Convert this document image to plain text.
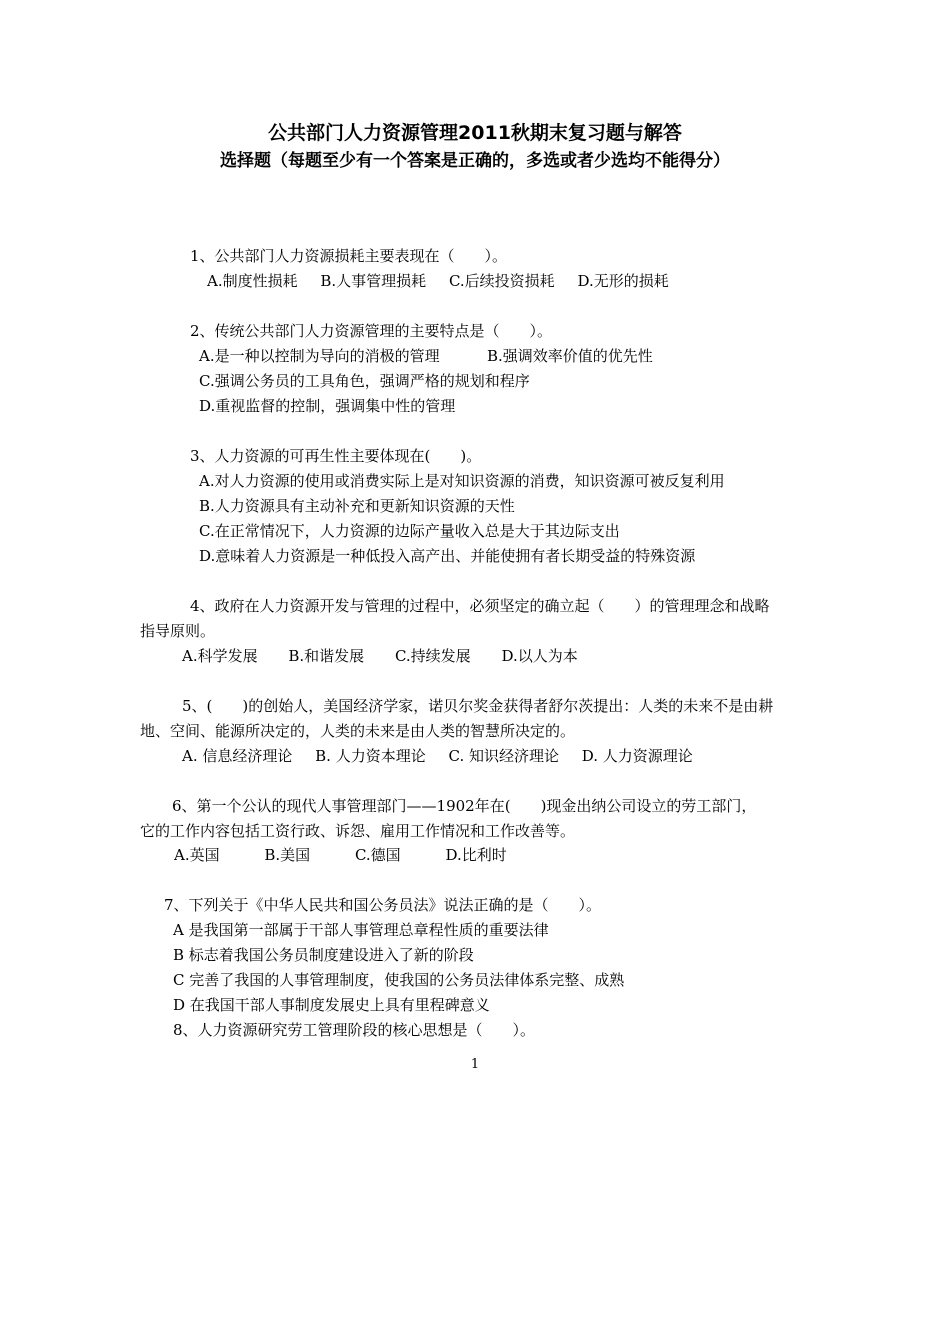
公共部门人力资源管理2011秋期末复习题与解答
选择题（每题至少有一个答案是正确的，多选或者少选均不能得分）
1、公共部门人力资源损耗主要表现在（　　）。
A.制度性损耗 B.人事管理损耗 C.后续投资损耗 D.无形的损耗
2、传统公共部门人力资源管理的主要特点是（　　）。
A.是一种以控制为导向的消极的管理	B.强调效率价值的优先性
C.强调公务员的工具角色，强调严格的规划和程序
D.重视监督的控制，强调集中性的管理
3、人力资源的可再生性主要体现在(　　)。
A.对人力资源的使用或消费实际上是对知识资源的消费，知识资源可被反复利用
B.人力资源具有主动补充和更新知识资源的天性
C.在正常情况下，人力资源的边际产量收入总是大于其边际支出
D.意味着人力资源是一种低投入高产出、并能使拥有者长期受益的特殊资源
4、政府在人力资源开发与管理的过程中，必须坚定的确立起（　　）的管理理念和战略
指导原则。
A.科学发展 B.和谐发展 C.持续发展 D.以人为本
5、(　　)的创始人，美国经济学家，诺贝尔奖金获得者舒尔茨提出：人类的未来不是由耕
地、空间、能源所决定的，人类的未来是由人类的智慧所决定的。
A. 信息经济理论 B. 人力资本理论 C. 知识经济理论 D. 人力资源理论
6、第一个公认的现代人事管理部门——1902年在(　　)现金出纳公司设立的劳工部门，
它的工作内容包括工资行政、诉怨、雇用工作情况和工作改善等。
A.英国	B.美国	C.德国	D.比利时
7、下列关于《中华人民共和国公务员法》说法正确的是（　　）。
A 是我国第一部属于干部人事管理总章程性质的重要法律
B 标志着我国公务员制度建设进入了新的阶段
C 完善了我国的人事管理制度，使我国的公务员法律体系完整、成熟
D 在我国干部人事制度发展史上具有里程碑意义
8、人力资源研究劳工管理阶段的核心思想是（　　）。
1
